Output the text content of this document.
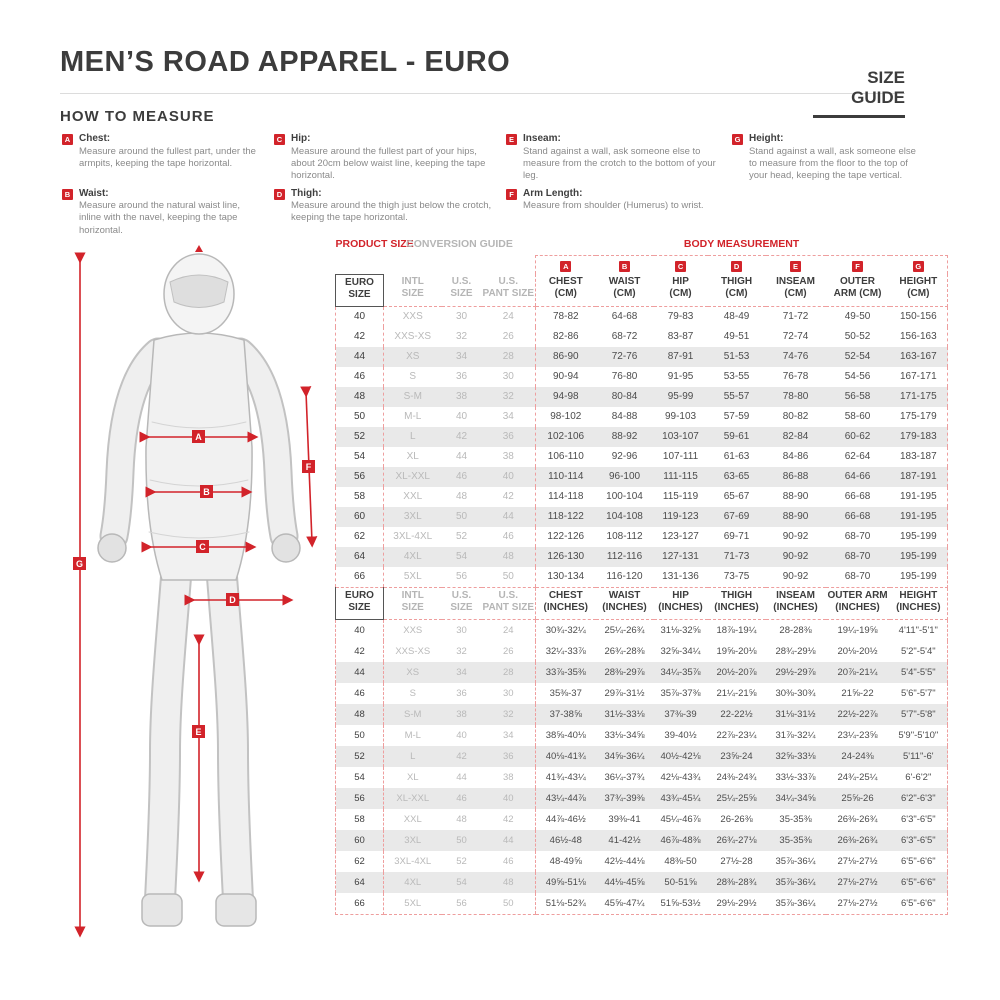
MEN’S ROAD APPAREL - EURO	SIZE GUIDE
HOW TO MEASURE
A Chest:

Measure around the fullest part, under the armpits, keeping the tape horizontal.

B Waist:

Measure around the natural waist line, inline with the navel, keeping the tape horizontal.

C Hip:

Measure around the fullest part of your hips, about 20cm below waist line, keeping the tape horizontal.

D Thigh:

Measure around the thigh just below the crotch, keeping the tape horizontal.

E Inseam:

Stand against a wall, ask someone else to measure from the crotch to the bottom of your leg.

F Arm Length:

Measure from shoulder (Humerus) to wrist.

G Height:

Stand against a wall, ask someone else to measure from the floor to the top of your head, keeping the tape vertical.

A
B
C
D
E
F
G
PRODUCT SIZE	CONVERSION GUIDE			BODY MEASUREMENT						
				A	B	C	D	E	F	G

EURO
SIZE

INTL
SIZE

U.S.
SIZE

U.S.
PANT SIZE

CHEST
(CM)

WAIST
(CM)

HIP
(CM)

THIGH
(CM)

INSEAM
(CM)

OUTER
ARM (CM)

HEIGHT
(CM)

40	XXS	30	24	78-82	64-68	79-83	48-49	71-72	49-50	150-156
42	XXS-XS	32	26	82-86	68-72	83-87	49-51	72-74	50-52	156-163
44	XS	34	28	86-90	72-76	87-91	51-53	74-76	52-54	163-167
46	S	36	30	90-94	76-80	91-95	53-55	76-78	54-56	167-171
48	S-M	38	32	94-98	80-84	95-99	55-57	78-80	56-58	171-175
50	M-L	40	34	98-102	84-88	99-103	57-59	80-82	58-60	175-179
52	L	42	36	102-106	88-92	103-107	59-61	82-84	60-62	179-183
54	XL	44	38	106-110	92-96	107-111	61-63	84-86	62-64	183-187
56	XL-XXL	46	40	110-114	96-100	111-115	63-65	86-88	64-66	187-191
58	XXL	48	42	114-118	100-104	115-119	65-67	88-90	66-68	191-195
60	3XL	50	44	118-122	104-108	119-123	67-69	88-90	66-68	191-195
62	3XL-4XL	52	46	122-126	108-112	123-127	69-71	90-92	68-70	195-199
64	4XL	54	48	126-130	112-116	127-131	71-73	90-92	68-70	195-199
66	5XL	56	50	130-134	116-120	131-136	73-75	90-92	68-70	195-199

EURO
SIZE

INTL
SIZE

U.S.
SIZE

U.S.
PANT SIZE

CHEST
(INCHES)

WAIST
(INCHES)

HIP
(INCHES)

THIGH
(INCHES)

INSEAM
(INCHES)

OUTER ARM
(INCHES)

HEIGHT
(INCHES)

40	XXS	30	24	30¾-32¼	25¼-26¾	31⅛-32⅝	18⅞-19¼	28-28⅜	19¼-19⅝	4'11"-5'1"
42	XXS-XS	32	26	32¼-33⅞	26¾-28⅜	32⅝-34¼	19⅝-20⅛	28¾-29⅛	20⅛-20½	5'2"-5'4"
44	XS	34	28	33⅞-35⅜	28⅜-29⅞	34¼-35⅞	20½-20⅞	29½-29⅞	20⅞-21¼	5'4"-5'5"
46	S	36	30	35⅜-37	29⅞-31½	35⅞-37⅜	21¼-21⅝	30⅜-30¾	21⅝-22	5'6"-5'7"
48	S-M	38	32	37-38⅝	31½-33⅛	37⅜-39	22-22½	31⅛-31½	22½-22⅞	5'7"-5'8"
50	M-L	40	34	38⅝-40⅛	33⅛-34⅝	39-40½	22⅞-23¼	31⅞-32¼	23¼-23⅝	5'9"-5'10"
52	L	42	36	40⅛-41¾	34⅝-36¼	40½-42⅛	23⅝-24	32⅝-33⅛	24-24⅜	5'11"-6'
54	XL	44	38	41¾-43¼	36¼-37¾	42⅛-43¾	24⅜-24¾	33½-33⅞	24¾-25¼	6'-6'2"
56	XL-XXL	46	40	43¼-44⅞	37¾-39⅜	43¾-45¼	25¼-25⅝	34¼-34⅝	25⅝-26	6'2"-6'3"
58	XXL	48	42	44⅞-46½	39⅜-41	45¼-46⅞	26-26⅜	35-35⅜	26⅜-26¾	6'3"-6'5"
60	3XL	50	44	46½-48	41-42½	46⅞-48⅜	26¾-27⅛	35-35⅜	26⅜-26¾	6'3"-6'5"
62	3XL-4XL	52	46	48-49⅝	42½-44⅛	48⅜-50	27½-28	35⅞-36¼	27⅛-27½	6'5"-6'6"
64	4XL	54	48	49⅝-51⅛	44⅛-45⅝	50-51⅝	28⅜-28¾	35⅞-36¼	27⅛-27½	6'5"-6'6"
66	5XL	56	50	51⅛-52¾	45⅝-47¼	51⅝-53½	29⅛-29½	35⅞-36¼	27⅛-27½	6'5"-6'6"
